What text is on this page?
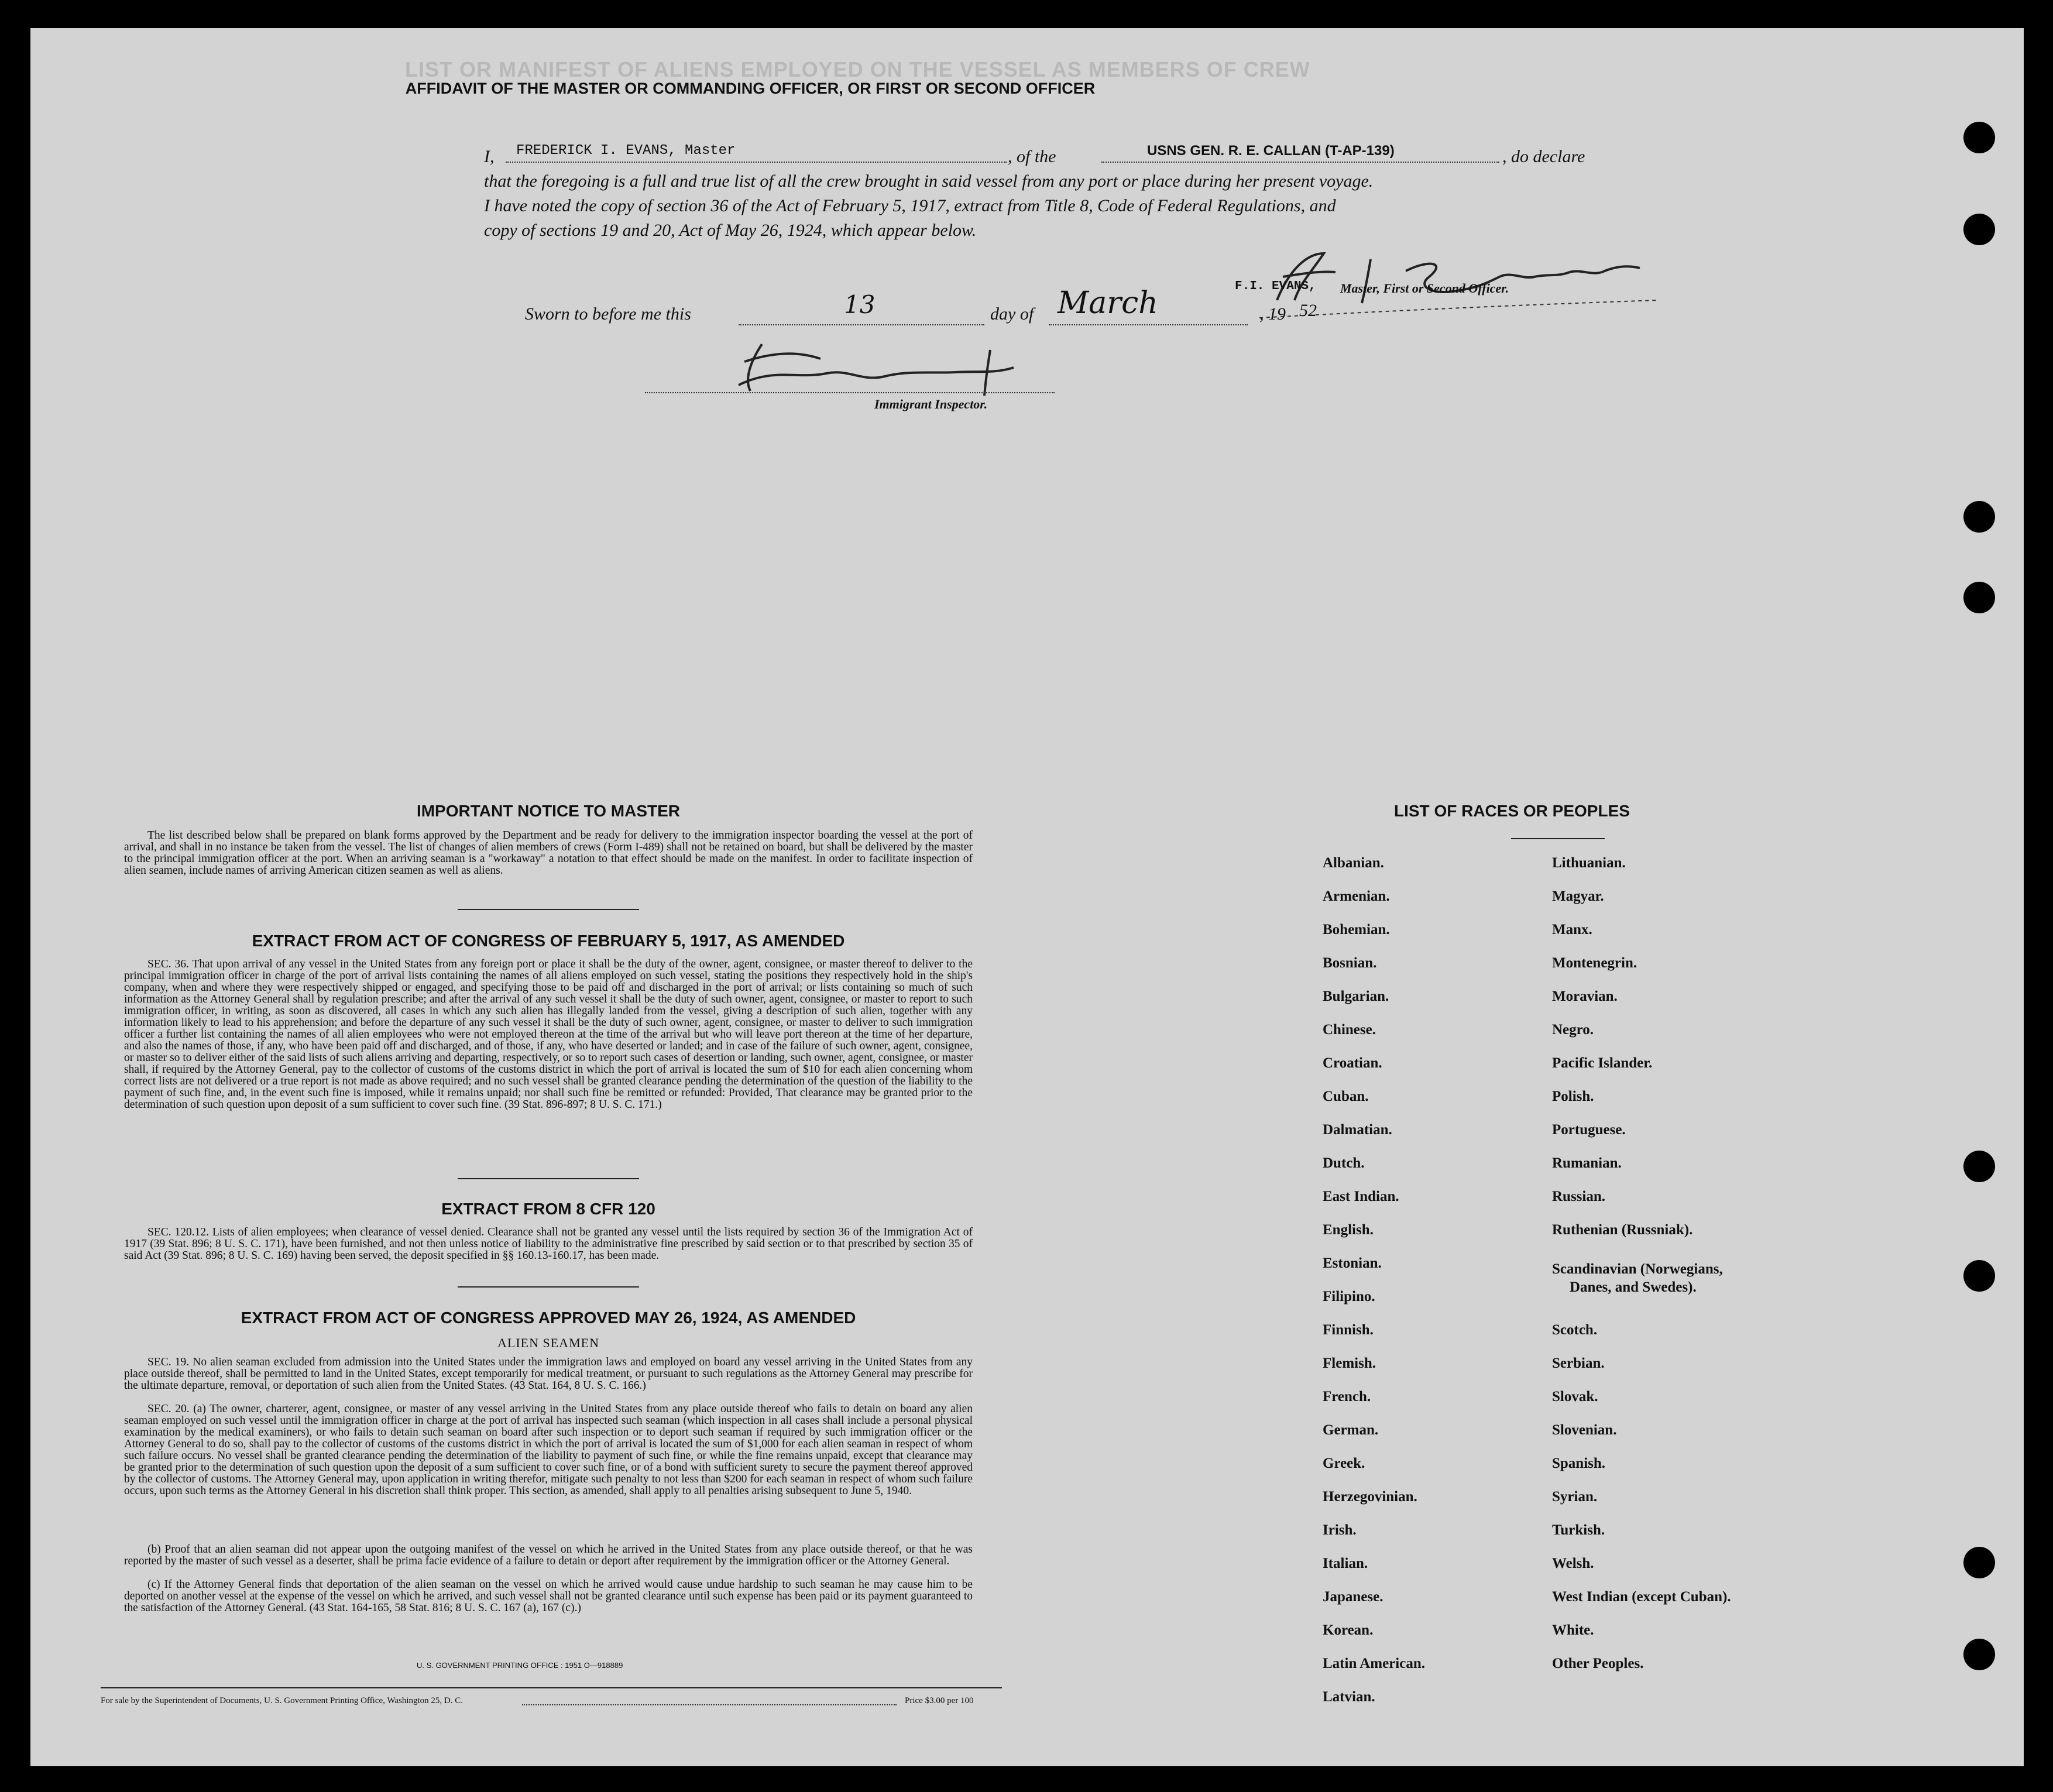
LIST OR MANIFEST OF ALIENS EMPLOYED ON THE VESSEL AS MEMBERS OF CREW

AFFIDAVIT OF THE MASTER OR COMMANDING OFFICER, OR FIRST OR SECOND OFFICER
I, FREDERICK I. EVANS, Master	, of the	USNS GEN. R. E. CALLAN (T-AP-139)	, do declare
that the foregoing is a full and true list of all the crew brought in said vessel from any port or place during her present voyage.
I have noted the copy of section 36 of the Act of February 5, 1917, extract from Title 8, Code of Federal Regulations, and
copy of sections 19 and 20, Act of May 26, 1924, which appear below.
F.I. EVANS, Master, First or Second Officer.
Sworn to before me this	13	day of March	, 19 52
Immigrant Inspector.
IMPORTANT NOTICE TO MASTER
The list described below shall be prepared on blank forms approved by the Department and be ready for delivery to the immigration inspector boarding the vessel at the port of arrival, and shall in no instance be taken from the vessel. The list of changes of alien members of crews (Form I-489) shall not be retained on board, but shall be delivered by the master to the principal immigration officer at the port. When an arriving seaman is a "workaway" a notation to that effect should be made on the manifest. In order to facilitate inspection of alien seamen, include names of arriving American citizen seamen as well as aliens.
EXTRACT FROM ACT OF CONGRESS OF FEBRUARY 5, 1917, AS AMENDED
SEC. 36. That upon arrival of any vessel in the United States from any foreign port or place it shall be the duty of the owner, agent, consignee, or master thereof to deliver to the principal immigration officer in charge of the port of arrival lists containing the names of all aliens employed on such vessel, stating the positions they respectively hold in the ship's company, when and where they were respectively shipped or engaged, and specifying those to be paid off and discharged in the port of arrival; or lists containing so much of such information as the Attorney General shall by regulation prescribe; and after the arrival of any such vessel it shall be the duty of such owner, agent, consignee, or master to report to such immigration officer, in writing, as soon as discovered, all cases in which any such alien has illegally landed from the vessel, giving a description of such alien, together with any information likely to lead to his apprehension; and before the departure of any such vessel it shall be the duty of such owner, agent, consignee, or master to deliver to such immigration officer a further list containing the names of all alien employees who were not employed thereon at the time of the arrival but who will leave port thereon at the time of her departure, and also the names of those, if any, who have been paid off and discharged, and of those, if any, who have deserted or landed; and in case of the failure of such owner, agent, consignee, or master so to deliver either of the said lists of such aliens arriving and departing, respectively, or so to report such cases of desertion or landing, such owner, agent, consignee, or master shall, if required by the Attorney General, pay to the collector of customs of the customs district in which the port of arrival is located the sum of $10 for each alien concerning whom correct lists are not delivered or a true report is not made as above required; and no such vessel shall be granted clearance pending the determination of the question of the liability to the payment of such fine, and, in the event such fine is imposed, while it remains unpaid; nor shall such fine be remitted or refunded: Provided, That clearance may be granted prior to the determination of such question upon deposit of a sum sufficient to cover such fine. (39 Stat. 896-897; 8 U. S. C. 171.)
EXTRACT FROM 8 CFR 120
SEC. 120.12. Lists of alien employees; when clearance of vessel denied. Clearance shall not be granted any vessel until the lists required by section 36 of the Immigration Act of 1917 (39 Stat. 896; 8 U. S. C. 171), have been furnished, and not then unless notice of liability to the administrative fine prescribed by said section or to that prescribed by section 35 of said Act (39 Stat. 896; 8 U. S. C. 169) having been served, the deposit specified in §§ 160.13-160.17, has been made.
EXTRACT FROM ACT OF CONGRESS APPROVED MAY 26, 1924, AS AMENDED
ALIEN SEAMEN
SEC. 19. No alien seaman excluded from admission into the United States under the immigration laws and employed on board any vessel arriving in the United States from any place outside thereof, shall be permitted to land in the United States, except temporarily for medical treatment, or pursuant to such regulations as the Attorney General may prescribe for the ultimate departure, removal, or deportation of such alien from the United States. (43 Stat. 164, 8 U. S. C. 166.)
SEC. 20. (a) The owner, charterer, agent, consignee, or master of any vessel arriving in the United States from any place outside thereof who fails to detain on board any alien seaman employed on such vessel until the immigration officer in charge at the port of arrival has inspected such seaman (which inspection in all cases shall include a personal physical examination by the medical examiners), or who fails to detain such seaman on board after such inspection or to deport such seaman if required by such immigration officer or the Attorney General to do so, shall pay to the collector of customs of the customs district in which the port of arrival is located the sum of $1,000 for each alien seaman in respect of whom such failure occurs. No vessel shall be granted clearance pending the determination of the liability to payment of such fine, or while the fine remains unpaid, except that clearance may be granted prior to the determination of such question upon the deposit of a sum sufficient to cover such fine, or of a bond with sufficient surety to secure the payment thereof approved by the collector of customs. The Attorney General may, upon application in writing therefor, mitigate such penalty to not less than $200 for each seaman in respect of whom such failure occurs, upon such terms as the Attorney General in his discretion shall think proper. This section, as amended, shall apply to all penalties arising subsequent to June 5, 1940.
(b) Proof that an alien seaman did not appear upon the outgoing manifest of the vessel on which he arrived in the United States from any place outside thereof, or that he was reported by the master of such vessel as a deserter, shall be prima facie evidence of a failure to detain or deport after requirement by the immigration officer or the Attorney General.
(c) If the Attorney General finds that deportation of the alien seaman on the vessel on which he arrived would cause undue hardship to such seaman he may cause him to be deported on another vessel at the expense of the vessel on which he arrived, and such vessel shall not be granted clearance until such expense has been paid or its payment guaranteed to the satisfaction of the Attorney General. (43 Stat. 164-165, 58 Stat. 816; 8 U. S. C. 167 (a), 167 (c).)
U. S. GOVERNMENT PRINTING OFFICE : 1951 O—918889
For sale by the Superintendent of Documents, U. S. Government Printing Office, Washington 25, D. C.	Price $3.00 per 100
LIST OF RACES OR PEOPLES
Albanian.
Armenian.
Bohemian.
Bosnian.
Bulgarian.
Chinese.
Croatian.
Cuban.
Dalmatian.
Dutch.
East Indian.
English.
Estonian.
Filipino.
Finnish.
Flemish.
French.
German.
Greek.
Herzegovinian.
Irish.
Italian.
Japanese.
Korean.
Latin American.
Latvian.
Lithuanian.
Magyar.
Manx.
Montenegrin.
Moravian.
Negro.
Pacific Islander.
Polish.
Portuguese.
Rumanian.
Russian.
Ruthenian (Russniak).
Scandinavian (Norwegians,
Danes, and Swedes).
Scotch.
Serbian.
Slovak.
Slovenian.
Spanish.
Syrian.
Turkish.
Welsh.
West Indian (except Cuban).
White.
Other Peoples.
